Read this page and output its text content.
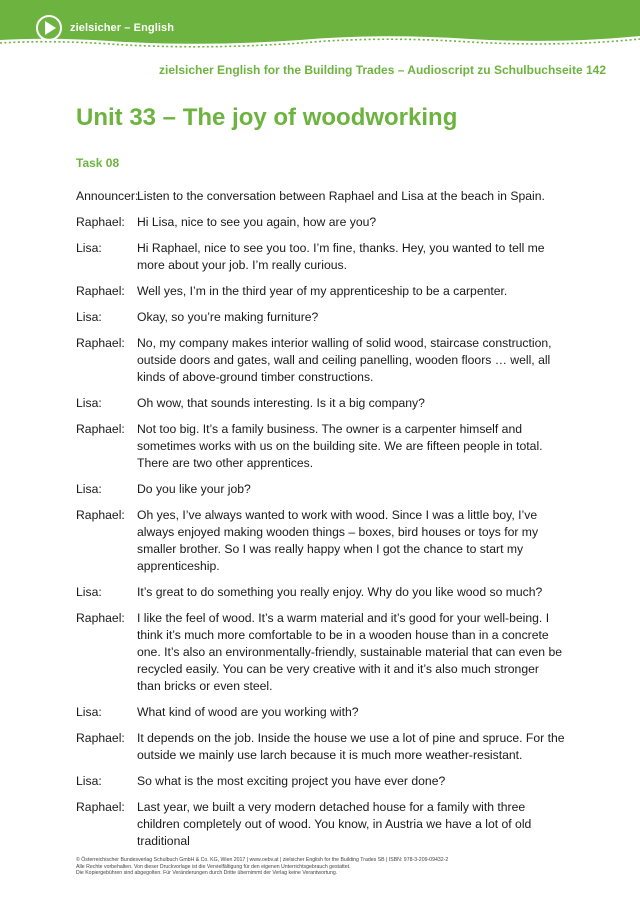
zielsicher – English
zielsicher English for the Building Trades – Audioscript zu Schulbuchseite 142
Unit 33 – The joy of woodworking
Task 08
Announcer:
Listen to the conversation between Raphael and Lisa at the beach in Spain.
Raphael:	Hi Lisa, nice to see you again, how are you?
Lisa:	Hi Raphael, nice to see you too. I’m fine, thanks. Hey, you wanted to tell me more about your job. I’m really curious.
Raphael:	Well yes, I’m in the third year of my apprenticeship to be a carpenter.
Lisa:	Okay, so you’re making furniture?
Raphael:	No, my company makes interior walling of solid wood, staircase construction, outside doors and gates, wall and ceiling panelling, wooden floors … well, all kinds of above-ground timber constructions.
Lisa:	Oh wow, that sounds interesting. Is it a big company?
Raphael:	Not too big. It’s a family business. The owner is a carpenter himself and sometimes works with us on the building site. We are fifteen people in total. There are two other apprentices.
Lisa:	Do you like your job?
Raphael:	Oh yes, I’ve always wanted to work with wood. Since I was a little boy, I’ve always enjoyed making wooden things – boxes, bird houses or toys for my smaller brother. So I was really happy when I got the chance to start my apprenticeship.
Lisa:	It’s great to do something you really enjoy. Why do you like wood so much?
Raphael:	I like the feel of wood. It’s a warm material and it’s good for your well-being. I think it’s much more comfortable to be in a wooden house than in a concrete one. It’s also an environmentally-friendly, sustainable material that can even be recycled easily. You can be very creative with it and it’s also much stronger than bricks or even steel.
Lisa:	What kind of wood are you working with?
Raphael:	It depends on the job. Inside the house we use a lot of pine and spruce. For the outside we mainly use larch because it is much more weather-resistant.
Lisa:	So what is the most exciting project you have ever done?
Raphael:	Last year, we built a very modern detached house for a family with three children completely out of wood. You know, in Austria we have a lot of old traditional
© Österreichischer Bundesverlag Schulbuch GmbH & Co. KG, Wien 2017 | www.oebv.at | zielsicher English for the Building Trades SB | ISBN: 978-3-209-09432-2
Alle Rechte vorbehalten. Von dieser Druckvorlage ist die Vervielfältigung für den eigenen Unterrichtsgebrauch gestattet.
Die Kopiergebühren sind abgegolten. Für Veränderungen durch Dritte übernimmt der Verlag keine Verantwortung.
